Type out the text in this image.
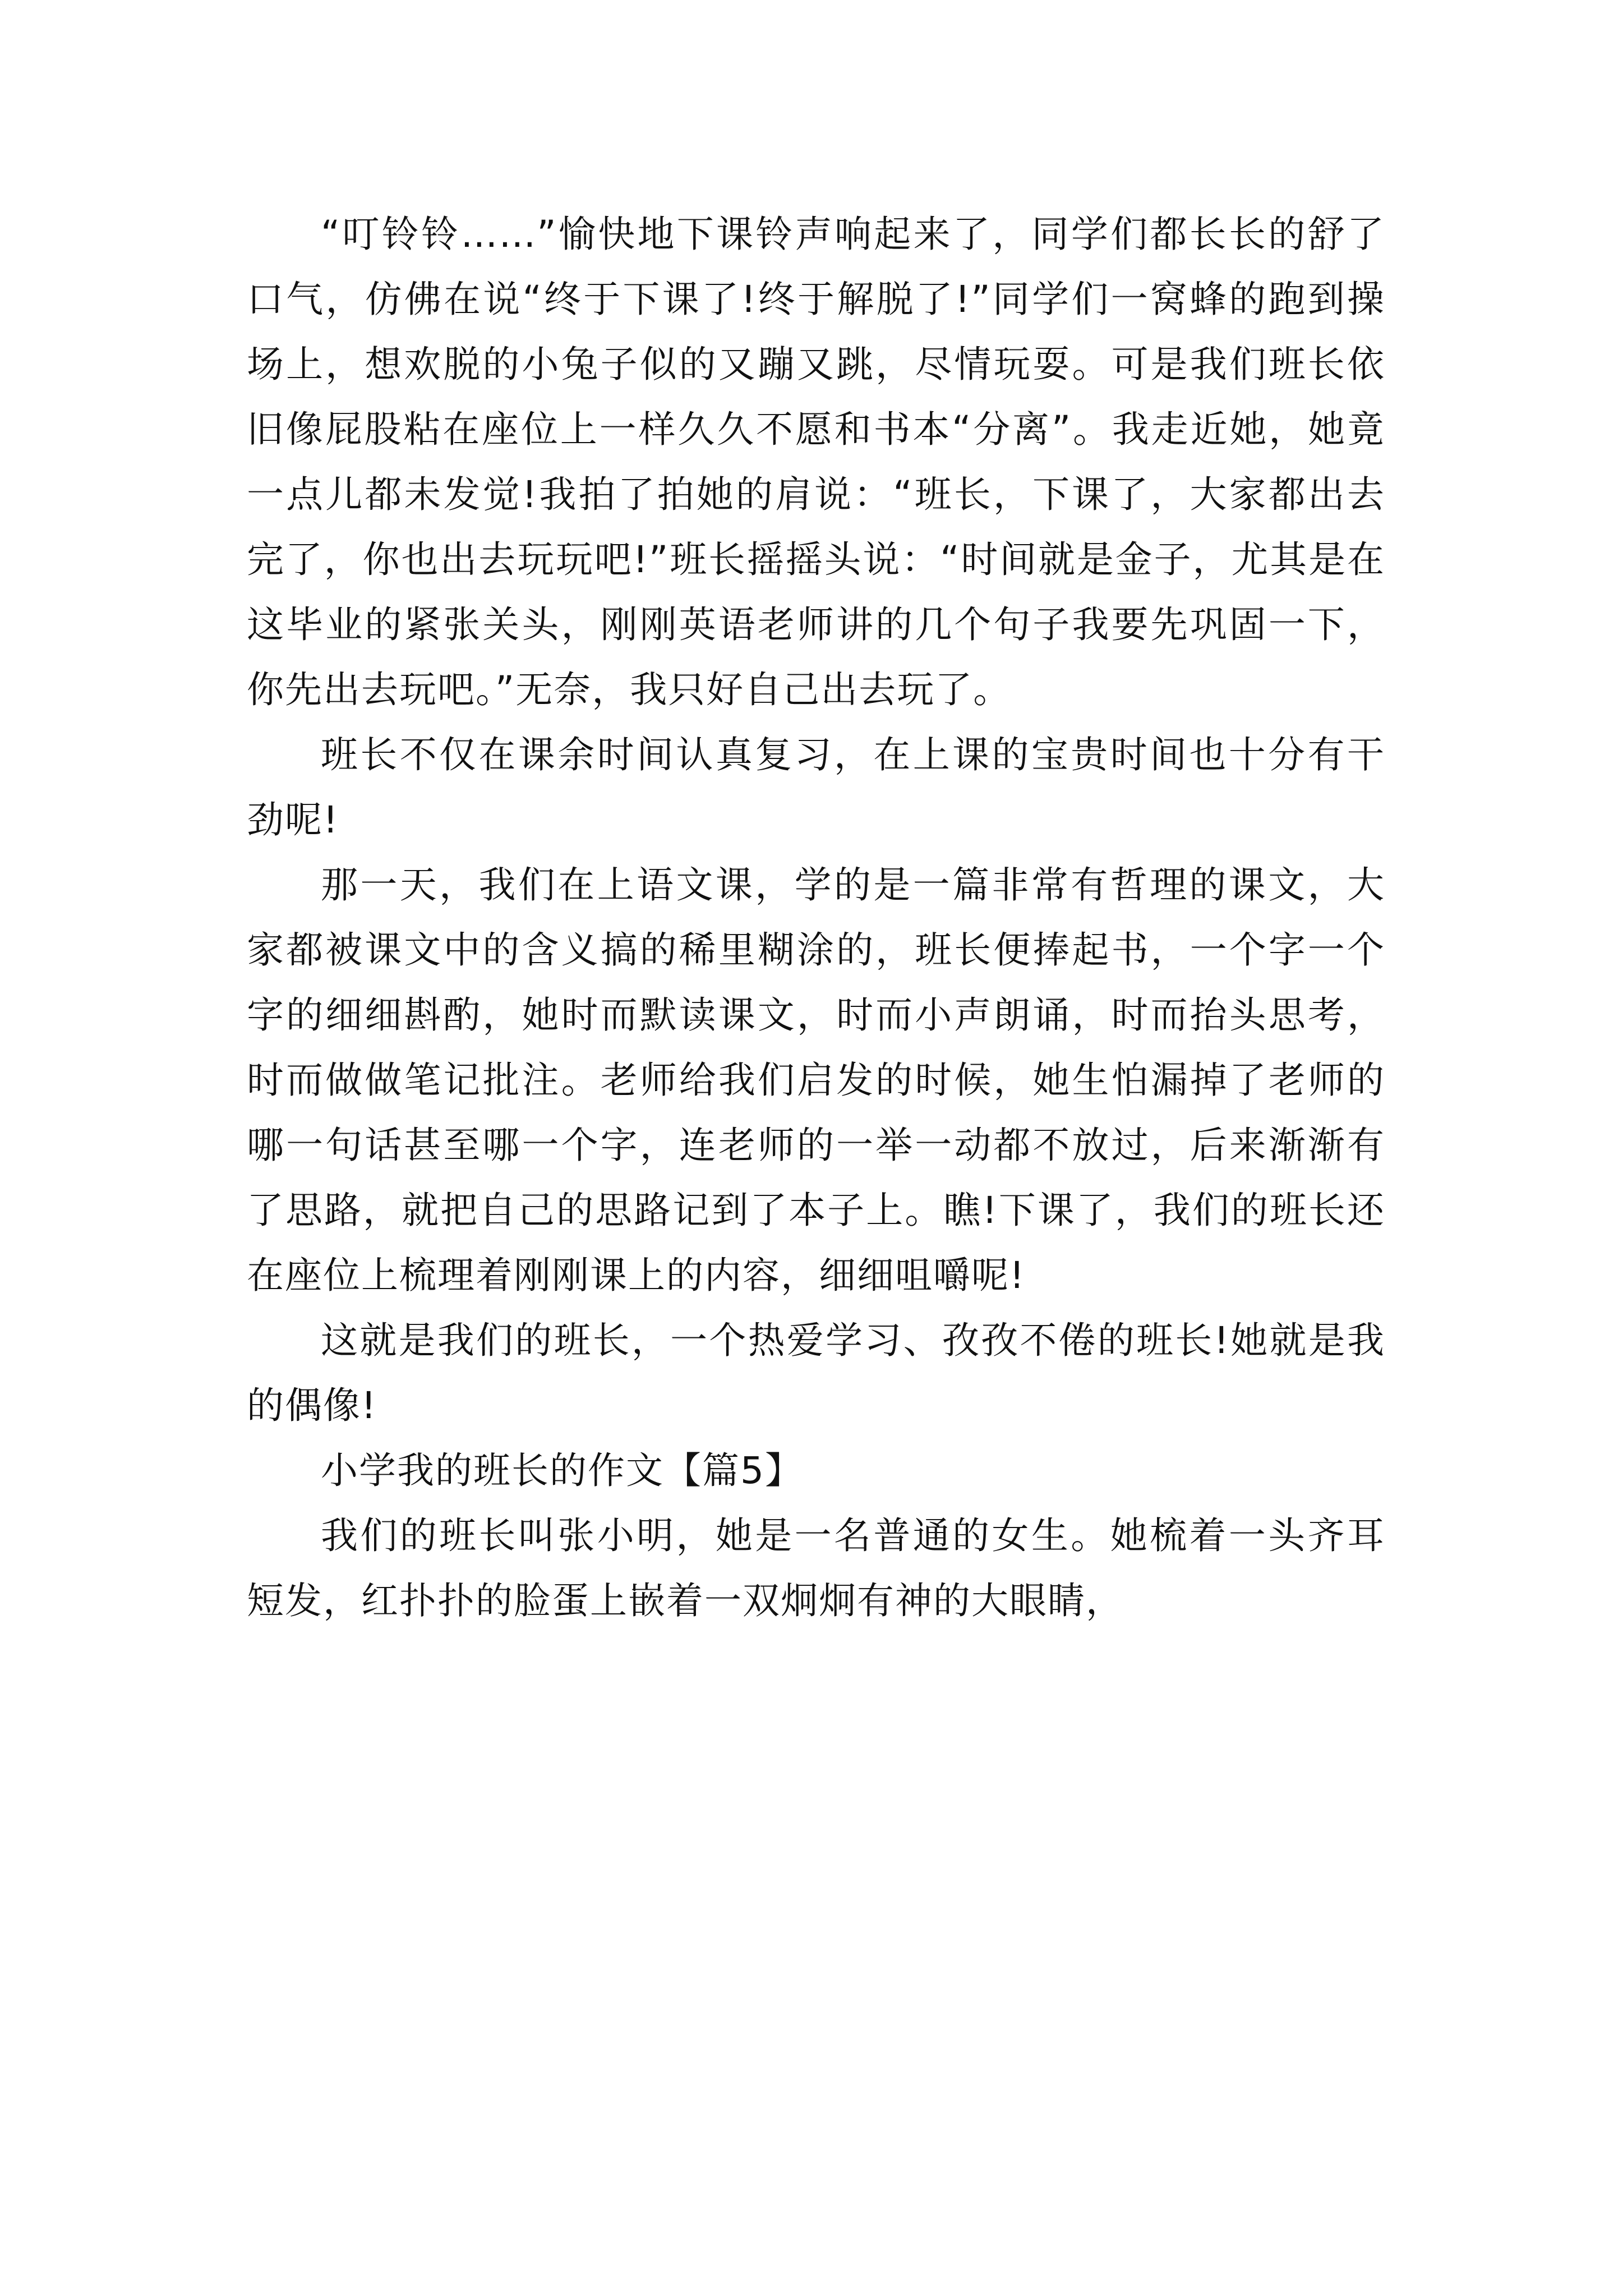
“叮铃铃……”愉快地下课铃声响起来了，同学们都长长的舒了口气，仿佛在说“终于下课了!终于解脱了!”同学们一窝蜂的跑到操场上，想欢脱的小兔子似的又蹦又跳，尽情玩耍。可是我们班长依旧像屁股粘在座位上一样久久不愿和书本“分离”。我走近她，她竟一点儿都未发觉!我拍了拍她的肩说：“班长，下课了，大家都出去完了，你也出去玩玩吧!”班长摇摇头说：“时间就是金子，尤其是在这毕业的紧张关头，刚刚英语老师讲的几个句子我要先巩固一下，你先出去玩吧。”无奈，我只好自己出去玩了。

班长不仅在课余时间认真复习，在上课的宝贵时间也十分有干劲呢!

那一天，我们在上语文课，学的是一篇非常有哲理的课文，大家都被课文中的含义搞的稀里糊涂的，班长便捧起书，一个字一个字的细细斟酌，她时而默读课文，时而小声朗诵，时而抬头思考，时而做做笔记批注。老师给我们启发的时候，她生怕漏掉了老师的哪一句话甚至哪一个字，连老师的一举一动都不放过，后来渐渐有了思路，就把自己的思路记到了本子上。瞧!下课了，我们的班长还在座位上梳理着刚刚课上的内容，细细咀嚼呢!

这就是我们的班长，一个热爱学习、孜孜不倦的班长!她就是我的偶像!

小学我的班长的作文【篇5】

我们的班长叫张小明，她是一名普通的女生。她梳着一头齐耳短发，红扑扑的脸蛋上嵌着一双炯炯有神的大眼睛，
